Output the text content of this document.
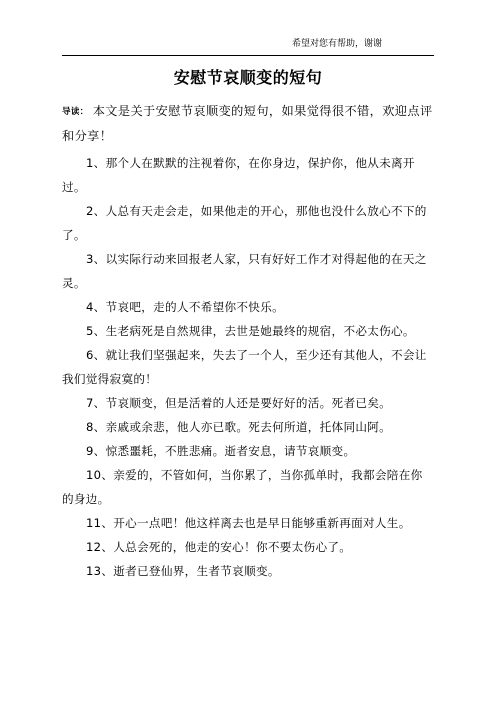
希望对您有帮助，谢谢
安慰节哀顺变的短句
导读： 本文是关于安慰节哀顺变的短句，如果觉得很不错，欢迎点评和分享！

1、那个人在默默的注视着你，在你身边，保护你，他从未离开过。

2、人总有天走会走，如果他走的开心，那他也没什么放心不下的了。

3、以实际行动来回报老人家，只有好好工作才对得起他的在天之灵。

4、节哀吧，走的人不希望你不快乐。

5、生老病死是自然规律，去世是她最终的规宿，不必太伤心。

6、就让我们坚强起来，失去了一个人，至少还有其他人，不会让我们觉得寂寞的！

7、节哀顺变，但是活着的人还是要好好的活。死者已矣。

8、亲戚或余悲，他人亦已歌。死去何所道，托体同山阿。

9、惊悉噩耗，不胜悲痛。逝者安息，请节哀顺变。

10、亲爱的，不管如何，当你累了，当你孤单时，我都会陪在你的身边。

11、开心一点吧！他这样离去也是早日能够重新再面对人生。

12、人总会死的，他走的安心！你不要太伤心了。

13、逝者已登仙界，生者节哀顺变。
